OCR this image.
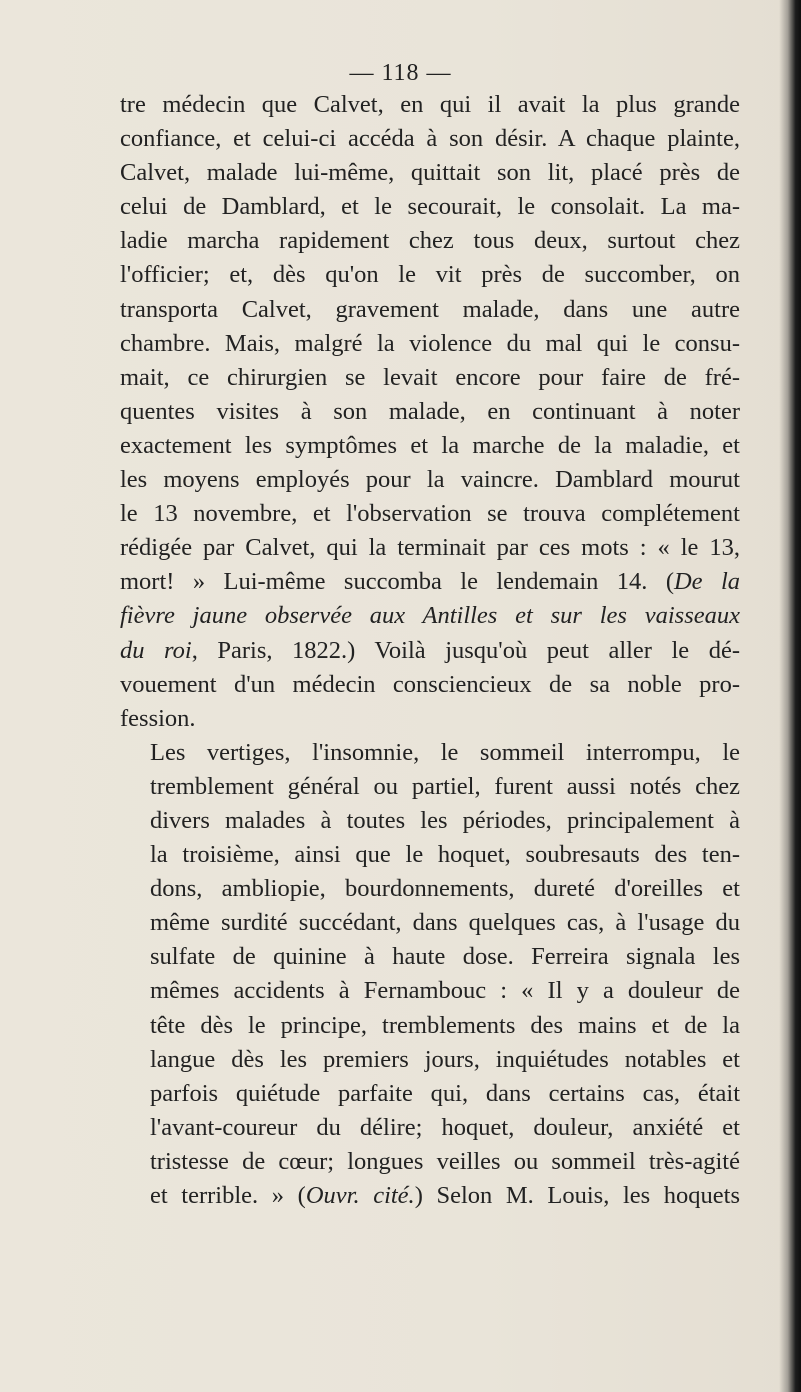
— 118 —

tre médecin que Calvet, en qui il avait la plus grande
confiance, et celui-ci accéda à son désir. A chaque plainte,
Calvet, malade lui-même, quittait son lit, placé près de
celui de Damblard, et le secourait, le consolait. La ma-
ladie marcha rapidement chez tous deux, surtout chez
l'officier; et, dès qu'on le vit près de succomber, on
transporta Calvet, gravement malade, dans une autre
chambre. Mais, malgré la violence du mal qui le consu-
mait, ce chirurgien se levait encore pour faire de fré-
quentes visites à son malade, en continuant à noter
exactement les symptômes et la marche de la maladie, et
les moyens employés pour la vaincre. Damblard mourut
le 13 novembre, et l'observation se trouva complétement
rédigée par Calvet, qui la terminait par ces mots : « le 13,
mort! » Lui-même succomba le lendemain 14. (De la
fièvre jaune observée aux Antilles et sur les vaisseaux
du roi, Paris, 1822.) Voilà jusqu'où peut aller le dé-
vouement d'un médecin consciencieux de sa noble pro-
fession.

Les vertiges, l'insomnie, le sommeil interrompu, le
tremblement général ou partiel, furent aussi notés chez
divers malades à toutes les périodes, principalement à
la troisième, ainsi que le hoquet, soubresauts des ten-
dons, ambliopie, bourdonnements, dureté d'oreilles et
même surdité succédant, dans quelques cas, à l'usage du
sulfate de quinine à haute dose. Ferreira signala les
mêmes accidents à Fernambouc : « Il y a douleur de
tête dès le principe, tremblements des mains et de la
langue dès les premiers jours, inquiétudes notables et
parfois quiétude parfaite qui, dans certains cas, était
l'avant-coureur du délire; hoquet, douleur, anxiété et
tristesse de cœur; longues veilles ou sommeil très-agité
et terrible. » (Ouvr. cité.) Selon M. Louis, les hoquets
